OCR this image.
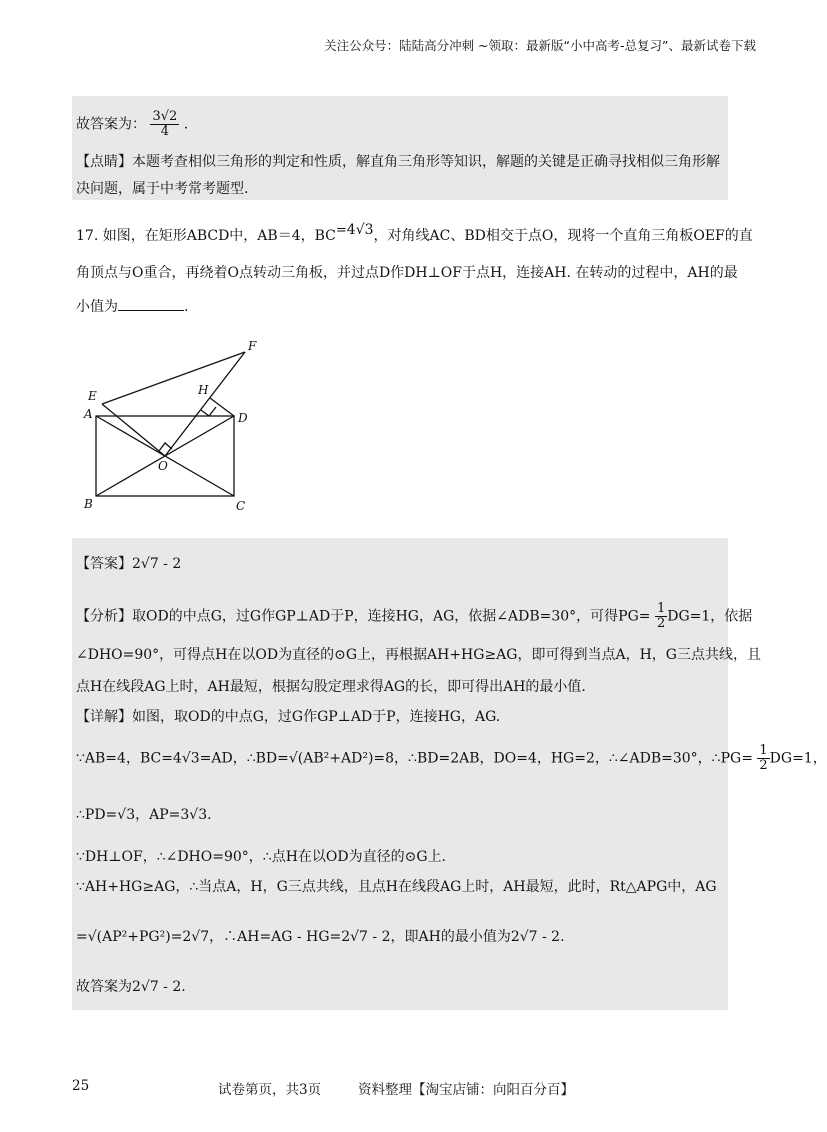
关注公众号：陆陆高分冲刺 ~领取：最新版“小中高考-总复习”、最新试卷下载
故答案为： $\frac{3√2}{4}$ .
【点睛】本题考查相似三角形的判定和性质，解直角三角形等知识，解题的关键是正确寻找相似三角形解
决问题，属于中考常考题型.
17. 如图，在矩形ABCD中，AB＝4，BC=4√3，对角线AC、BD相交于点O，现将一个直角三角板OEF的直
角顶点与O重合，再绕着O点转动三角板，并过点D作DH⊥OF于点H，连接AH. 在转动的过程中，AH的最
小值为	.
F
H
E
A	D
O
B	C
【答案】2√7 - 2
【分析】取OD的中点G，过G作GP⊥AD于P，连接HG，AG，依据∠ADB=30°，可得$PG= \frac{1}{2} DG=1$，依据
∠DHO=90°，可得点H在以OD为直径的⊙G上，再根据AH+HG≥AG，即可得到当点A，H，G三点共线，且
点H在线段AG上时，AH最短，根据勾股定理求得AG的长，即可得出AH的最小值.
【详解】如图，取OD的中点G，过G作GP⊥AD于P，连接HG，AG.
∵AB=4，BC=4√3=AD，∴BD=√(AB²+AD²)=8，∴BD=2AB，DO=4，HG=2，∴∠ADB=30°，∴PG= $\frac{1}{2} DG=1$，
∴PD=√3，AP=3√3.
∵DH⊥OF，∴∠DHO=90°，∴点H在以OD为直径的⊙G上.
∵AH+HG≥AG，∴当点A，H，G三点共线，且点H在线段AG上时，AH最短，此时，Rt△APG中，AG
=√(AP²+PG²)=2√7，∴AH=AG - HG=2√7 - 2，即AH的最小值为2√7 - 2.
故答案为2√7 - 2.
25	试卷第页，共3页	资料整理【淘宝店铺：向阳百分百】
